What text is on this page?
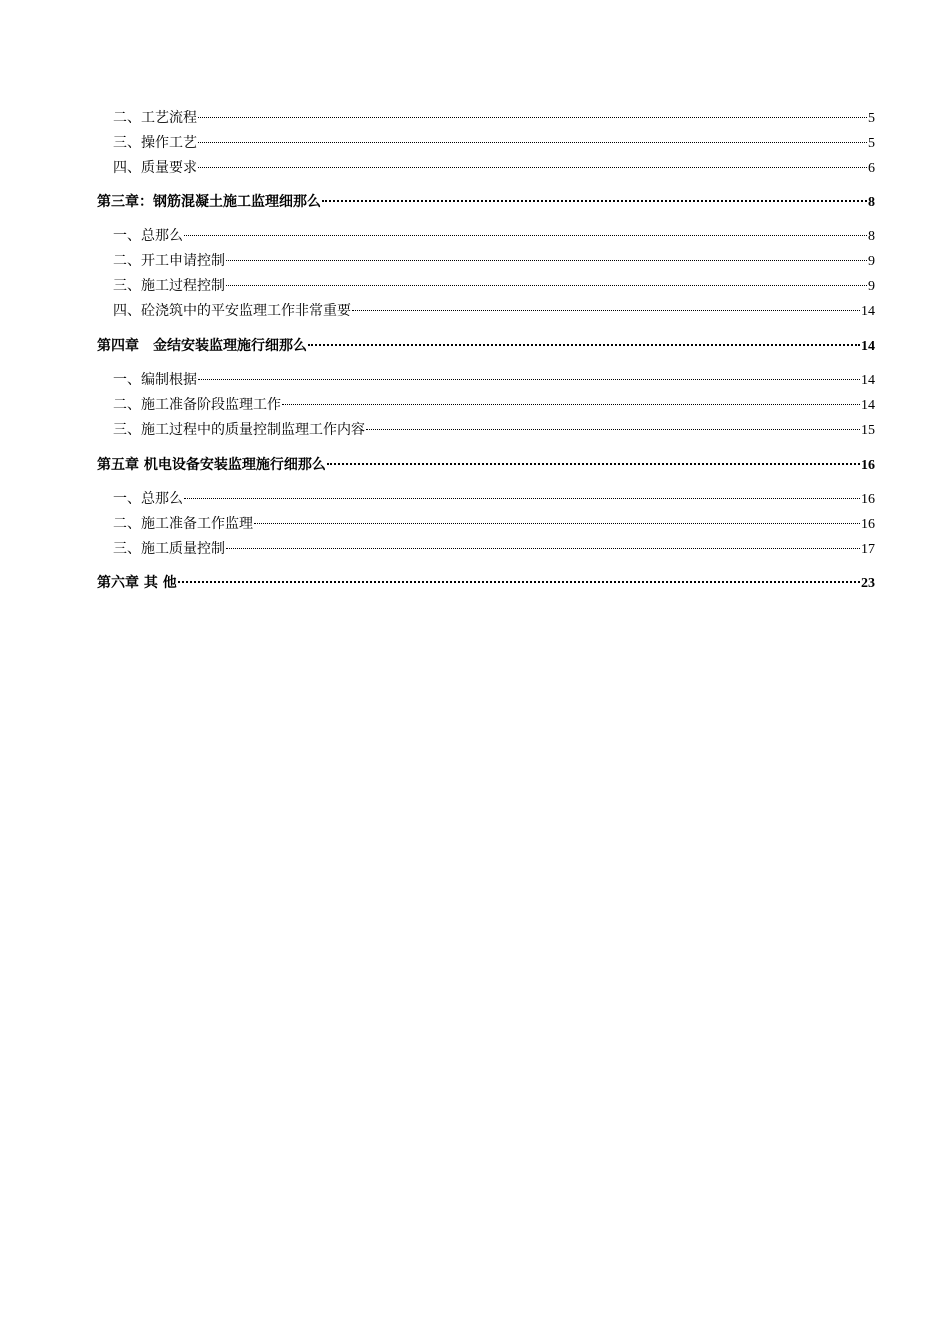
二、工艺流程	5
三、操作工艺	5
四、质量要求	6
第三章：钢筋混凝土施工监理细那么	8
一、总那么	8
二、开工申请控制	9
三、施工过程控制	9
四、砼浇筑中的平安监理工作非常重要	14
第四章　金结安装监理施行细那么	14
一、编制根据	14
二、施工准备阶段监理工作	14
三、施工过程中的质量控制监理工作内容	15
第五章 机电设备安装监理施行细那么	16
一、总那么	16
二、施工准备工作监理	16
三、施工质量控制	17
第六章 其 他	23
